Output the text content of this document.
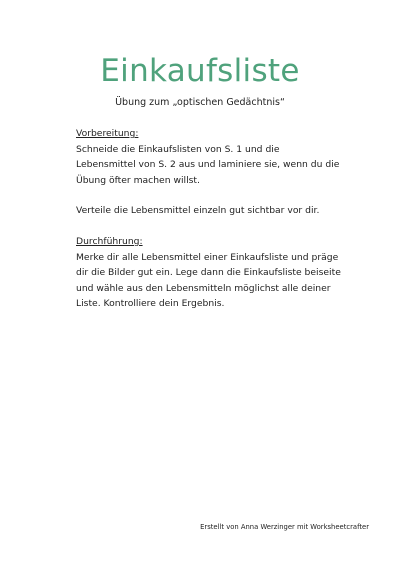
Einkaufsliste
Übung zum „optischen Gedächtnis“

Vorbereitung:

Schneide die Einkaufslisten von S. 1 und die

Lebensmittel von S. 2 aus und laminiere sie, wenn du die

Übung öfter machen willst.

Verteile die Lebensmittel einzeln gut sichtbar vor dir.

Durchführung:

Merke dir alle Lebensmittel einer Einkaufsliste und präge

dir die Bilder gut ein. Lege dann die Einkaufsliste beiseite

und wähle aus den Lebensmitteln möglichst alle deiner

Liste. Kontrolliere dein Ergebnis.

Erstellt von Anna Werzinger mit Worksheetcrafter
